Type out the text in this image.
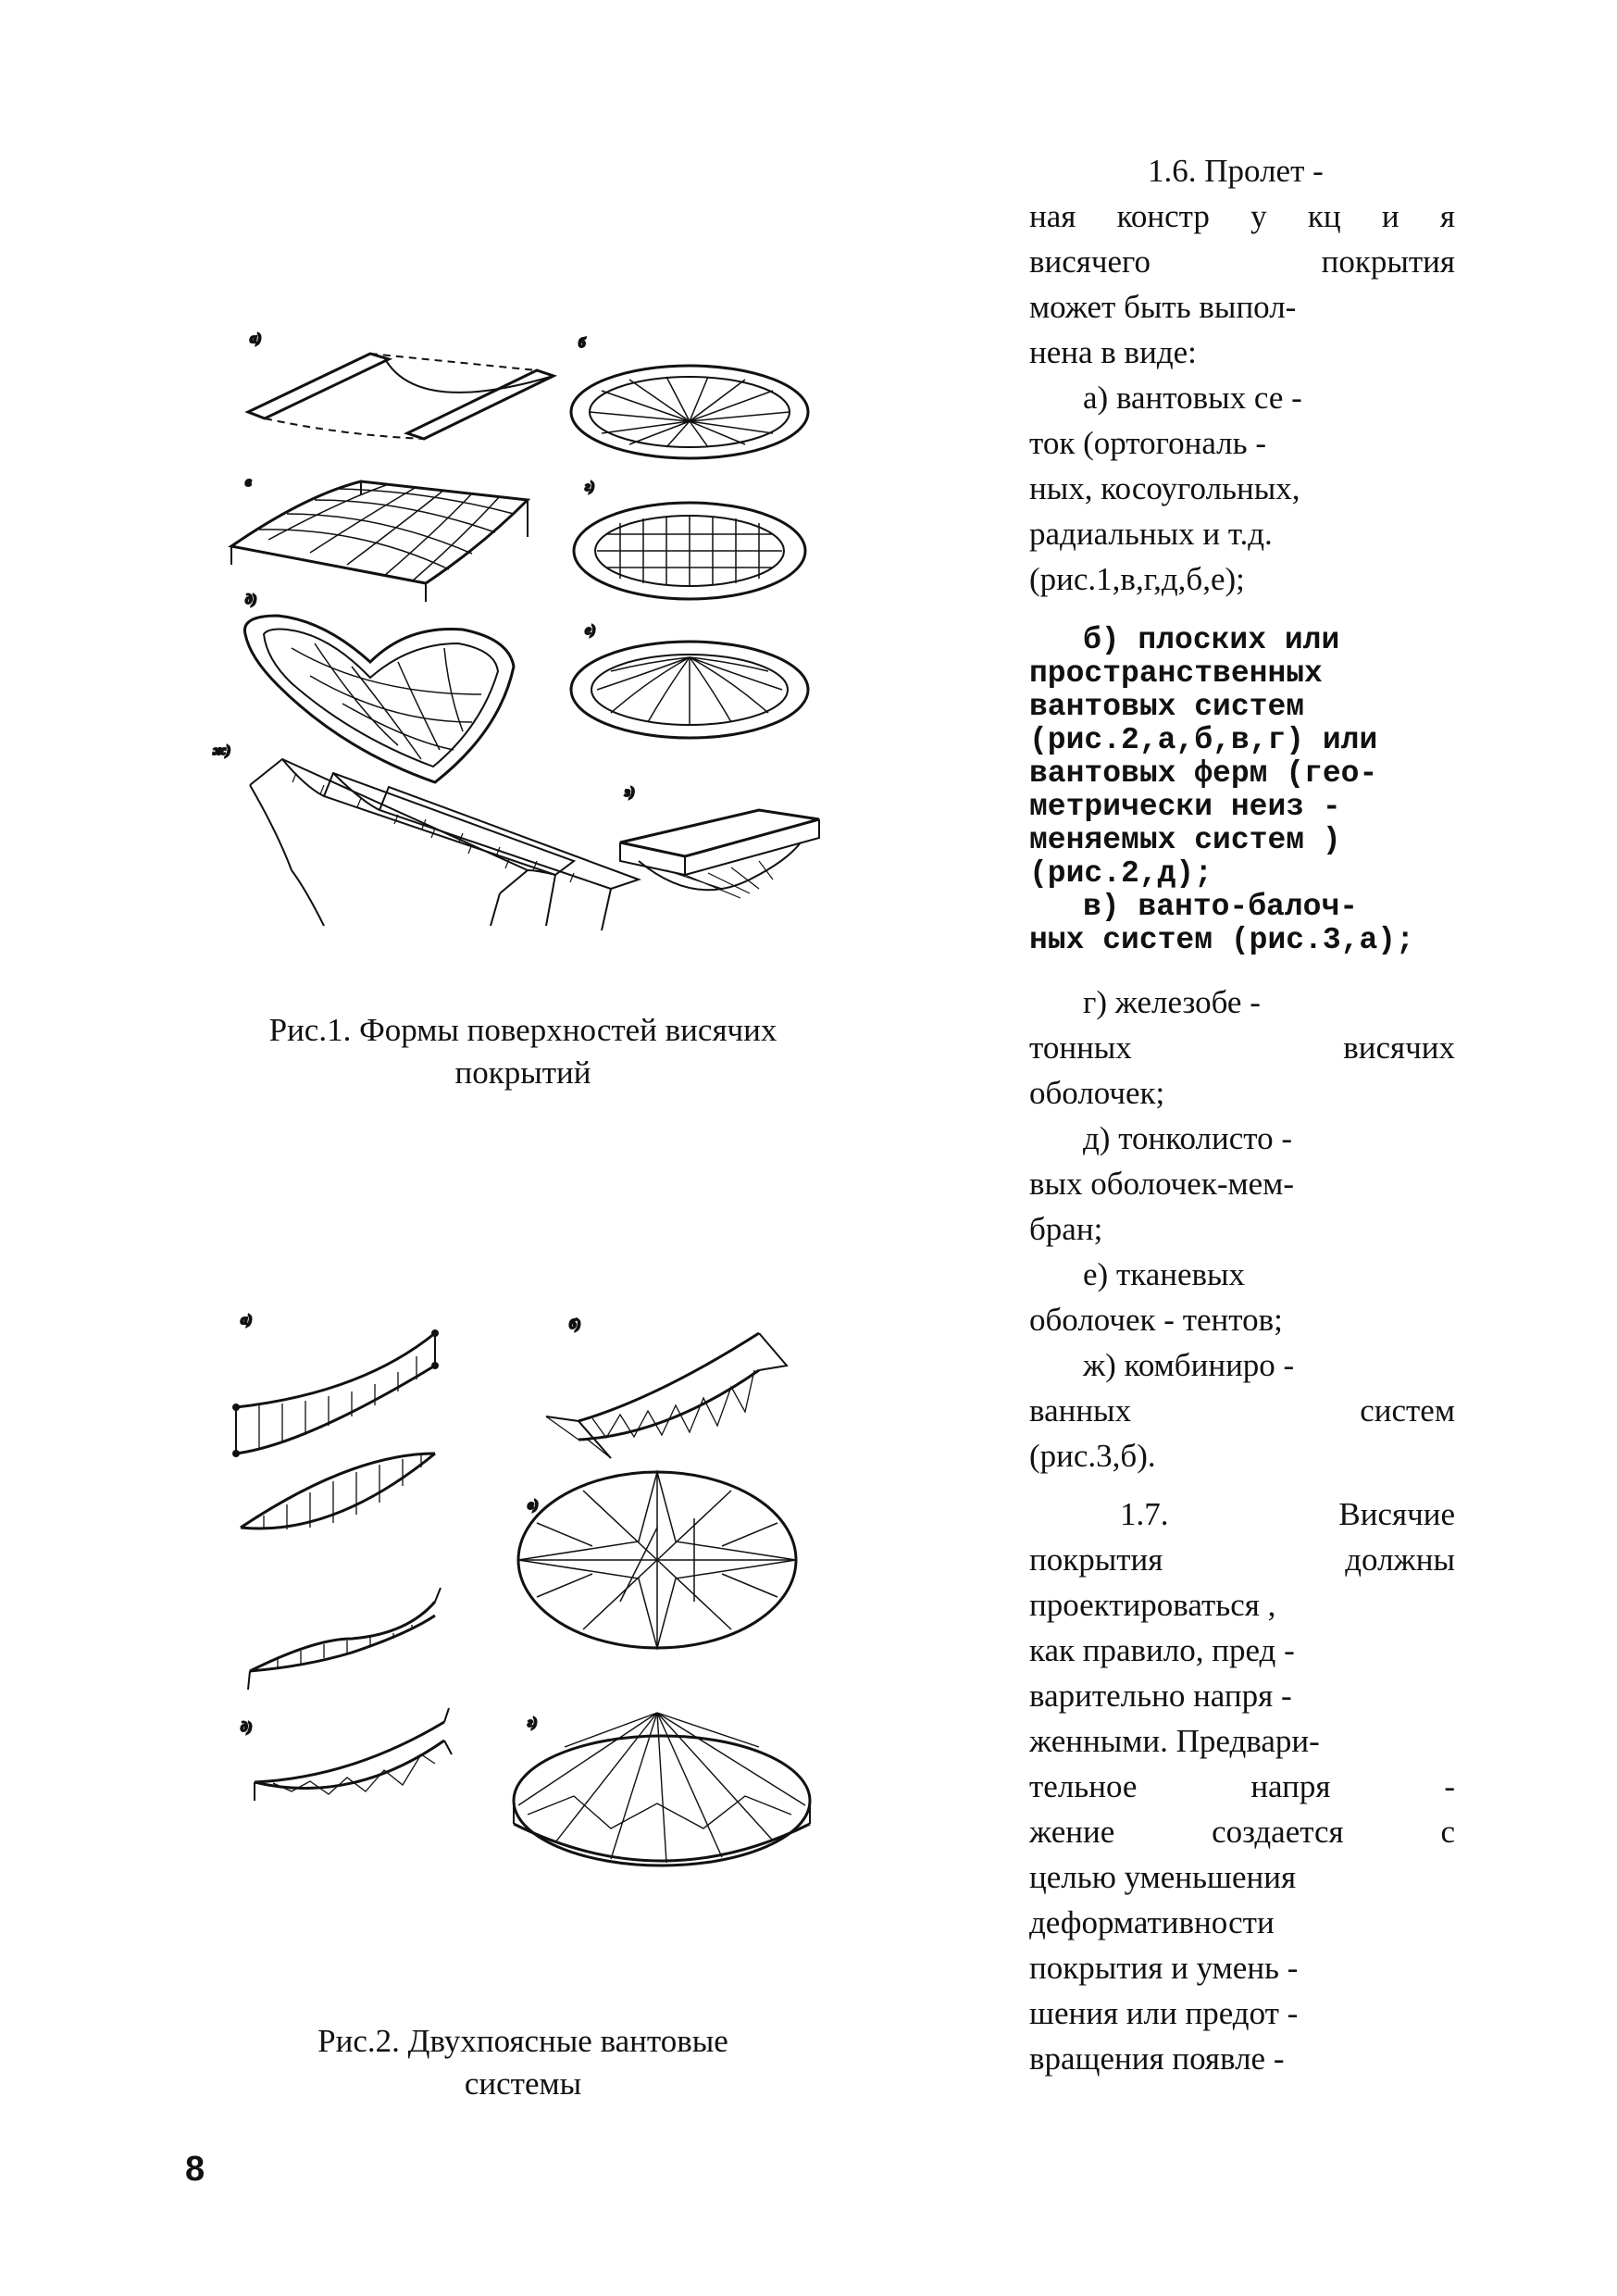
а)	б
в	г)
д)
е)
ж)
з)
Рис.1. Формы поверхностей висячих
покрытий
а)	б)
в)
д)	г)
Рис.2. Двухпоясные вантовые
системы
1.6. Пролет -
ная констр у кц и я
висячего покрытия
может быть выпол-
нена в виде:
а) вантовых се -
ток (ортогональ -
ных, косоугольных,
радиальных и т.д.
(рис.1,в,г,д,б,е);
б) плоских или
пространственных
вантовых систем
(рис.2,а,б,в,г) или
вантовых ферм (гео-
метрически неиз -
меняемых систем )
(рис.2,д);
в) ванто-балоч-
ных систем (рис.3,а);
г) железобе -
тонных висячих
оболочек;
д) тонколисто -
вых оболочек-мем-
бран;
е) тканевых
оболочек - тентов;
ж) комбиниро -
ванных систем
(рис.3,б).
1.7. Висячие
покрытия должны
проектироваться ,
как правило, пред -
варительно напря -
женными. Предвари-
тельное напря -
жение создается с
целью уменьшения
деформативности
покрытия и умень -
шения или предот -
вращения появле -
8
